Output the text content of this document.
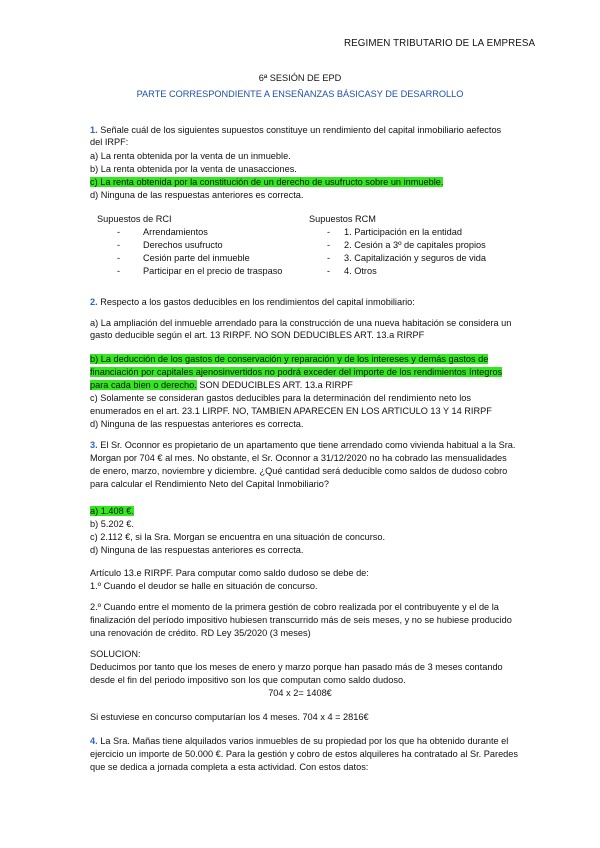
REGIMEN TRIBUTARIO DE LA EMPRESA
6ª SESIÓN DE EPD
PARTE CORRESPONDIENTE A ENSEÑANZAS BÁSICASY DE DESARROLLO
1. Señale cuál de los siguientes supuestos constituye un rendimiento del capital inmobiliario aefectos
del IRPF:
a) La renta obtenida por la venta de un inmueble.
b) La renta obtenida por la venta de unasacciones.
c) La renta obtenida por la constitución de un derecho de usufructo sobre un inmueble.
d) Ninguna de las respuestas anteriores es correcta.
Supuestos de RCI
- Arrendamientos
- Derechos usufructo
- Cesión parte del inmueble
- Participar en el precio de traspaso
Supuestos RCM
- 1. Participación en la entidad
- 2. Cesión a 3º de capitales propios
- 3. Capitalización y seguros de vida
- 4. Otros
2. Respecto a los gastos deducibles en los rendimientos del capital inmobiliario:
a) La ampliación del inmueble arrendado para la construcción de una nueva habitación se considera un
gasto deducible según el art. 13 RIRPF. NO SON DEDUCIBLES ART. 13.a RIRPF
b) La deducción de los gastos de conservación y reparación y de los intereses y demás gastos de
financiación por capitales ajenosinvertidos no podrá exceder del importe de los rendimientos íntegros
para cada bien o derecho. SON DEDUCIBLES ART. 13.a RIRPF
c) Solamente se consideran gastos deducibles para la determinación del rendimiento neto los
enumerados en el art. 23.1 LIRPF. NO, TAMBIEN APARECEN EN LOS ARTICULO 13 Y 14 RIRPF
d) Ninguna de las respuestas anteriores es correcta.
3. El Sr. Oconnor es propietario de un apartamento que tiene arrendado como vivienda habitual a la Sra.
Morgan por 704 € al mes. No obstante, el Sr. Oconnor a 31/12/2020 no ha cobrado las mensualidades
de enero, marzo, noviembre y diciembre. ¿Qué cantidad será deducible como saldos de dudoso cobro
para calcular el Rendimiento Neto del Capital Inmobiliario?
a) 1.408 €.
b) 5.202 €.
c) 2.112 €, si la Sra. Morgan se encuentra en una situación de concurso.
d) Ninguna de las respuestas anteriores es correcta.
Artículo 13.e RIRPF. Para computar como saldo dudoso se debe de:
1.º Cuando el deudor se halle en situación de concurso.
2.º Cuando entre el momento de la primera gestión de cobro realizada por el contribuyente y el de la
finalización del período impositivo hubiesen transcurrido más de seis meses, y no se hubiese producido
una renovación de crédito. RD Ley 35/2020 (3 meses)
SOLUCION:
Deducimos por tanto que los meses de enero y marzo porque han pasado más de 3 meses contando
desde el fin del periodo impositivo son los que computan como saldo dudoso.
704 x 2= 1408€
Si estuviese en concurso computarían los 4 meses. 704 x 4 = 2816€
4. La Sra. Mañas tiene alquilados varios inmuebles de su propiedad por los que ha obtenido durante el
ejercicio un importe de 50.000 €. Para la gestión y cobro de estos alquileres ha contratado al Sr. Paredes
que se dedica a jornada completa a esta actividad. Con estos datos:
